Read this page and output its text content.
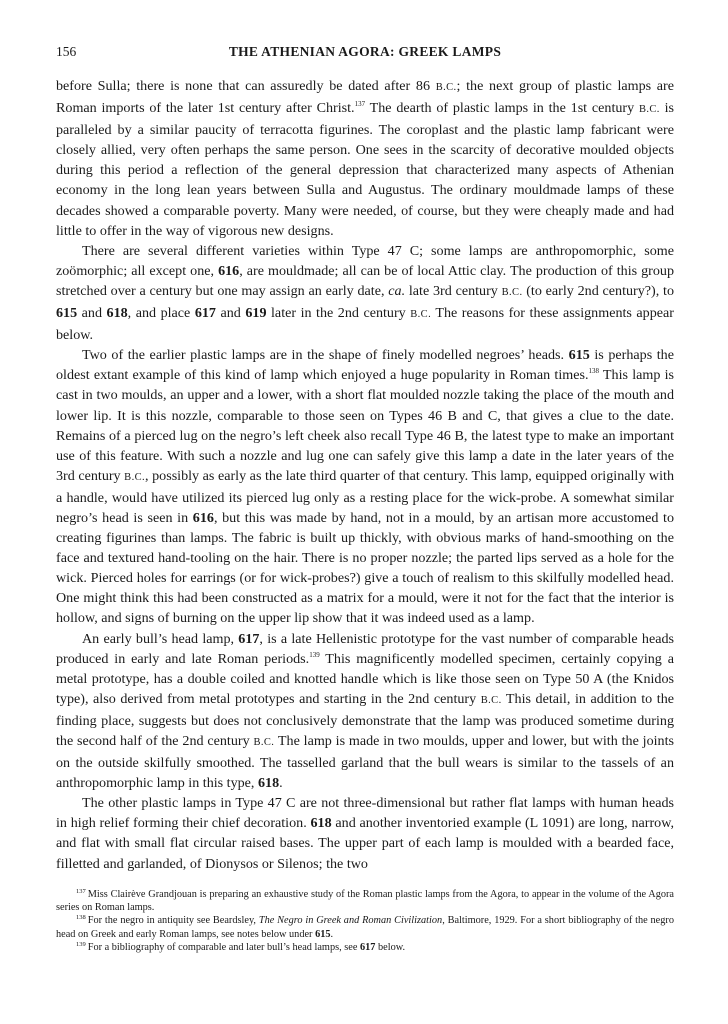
156	THE ATHENIAN AGORA: GREEK LAMPS

before Sulla; there is none that can assuredly be dated after 86 B.C.; the next group of plastic lamps are Roman imports of the later 1st century after Christ.$^{137}$ The dearth of plastic lamps in the 1st century B.C. is paralleled by a similar paucity of terracotta figurines. The coroplast and the plastic lamp fabricant were closely allied, very often perhaps the same person. One sees in the scarcity of decorative moulded objects during this period a reflection of the general depression that characterized many aspects of Athenian economy in the long lean years between Sulla and Augustus. The ordinary mouldmade lamps of these decades showed a comparable poverty. Many were needed, of course, but they were cheaply made and had little to offer in the way of vigorous new designs.

There are several different varieties within Type 47 C; some lamps are anthropomorphic, some zoömorphic; all except one, 616, are mouldmade; all can be of local Attic clay. The production of this group stretched over a century but one may assign an early date, ca. late 3rd century B.C. (to early 2nd century?), to 615 and 618, and place 617 and 619 later in the 2nd century B.C. The reasons for these assignments appear below.

Two of the earlier plastic lamps are in the shape of finely modelled negroes’ heads. 615 is perhaps the oldest extant example of this kind of lamp which enjoyed a huge popularity in Roman times.$^{138}$ This lamp is cast in two moulds, an upper and a lower, with a short flat moulded nozzle taking the place of the mouth and lower lip. It is this nozzle, comparable to those seen on Types 46 B and C, that gives a clue to the date. Remains of a pierced lug on the negro’s left cheek also recall Type 46 B, the latest type to make an important use of this feature. With such a nozzle and lug one can safely give this lamp a date in the later years of the 3rd century B.C., possibly as early as the late third quarter of that century. This lamp, equipped originally with a handle, would have utilized its pierced lug only as a resting place for the wick-probe. A somewhat similar negro’s head is seen in 616, but this was made by hand, not in a mould, by an artisan more accustomed to creating figurines than lamps. The fabric is built up thickly, with obvious marks of hand-smoothing on the face and textured hand-tooling on the hair. There is no proper nozzle; the parted lips served as a hole for the wick. Pierced holes for earrings (or for wick-probes?) give a touch of realism to this skilfully modelled head. One might think this had been constructed as a matrix for a mould, were it not for the fact that the interior is hollow, and signs of burning on the upper lip show that it was indeed used as a lamp.

An early bull’s head lamp, 617, is a late Hellenistic prototype for the vast number of comparable heads produced in early and late Roman periods.$^{139}$ This magnificently modelled specimen, certainly copying a metal prototype, has a double coiled and knotted handle which is like those seen on Type 50 A (the Knidos type), also derived from metal prototypes and starting in the 2nd century B.C. This detail, in addition to the finding place, suggests but does not conclusively demonstrate that the lamp was produced sometime during the second half of the 2nd century B.C. The lamp is made in two moulds, upper and lower, but with the joints on the outside skilfully smoothed. The tasselled garland that the bull wears is similar to the tassels of an anthropomorphic lamp in this type, 618.

The other plastic lamps in Type 47 C are not three-dimensional but rather flat lamps with human heads in high relief forming their chief decoration. 618 and another inventoried example (L 1091) are long, narrow, and flat with small flat circular raised bases. The upper part of each lamp is moulded with a bearded face, filletted and garlanded, of Dionysos or Silenos; the two

$^{137}$ Miss Clairève Grandjouan is preparing an exhaustive study of the Roman plastic lamps from the Agora, to appear in the volume of the Agora series on Roman lamps.

$^{138}$ For the negro in antiquity see Beardsley, The Negro in Greek and Roman Civilization, Baltimore, 1929. For a short bibliography of the negro head on Greek and early Roman lamps, see notes below under 615.

$^{139}$ For a bibliography of comparable and later bull’s head lamps, see 617 below.
